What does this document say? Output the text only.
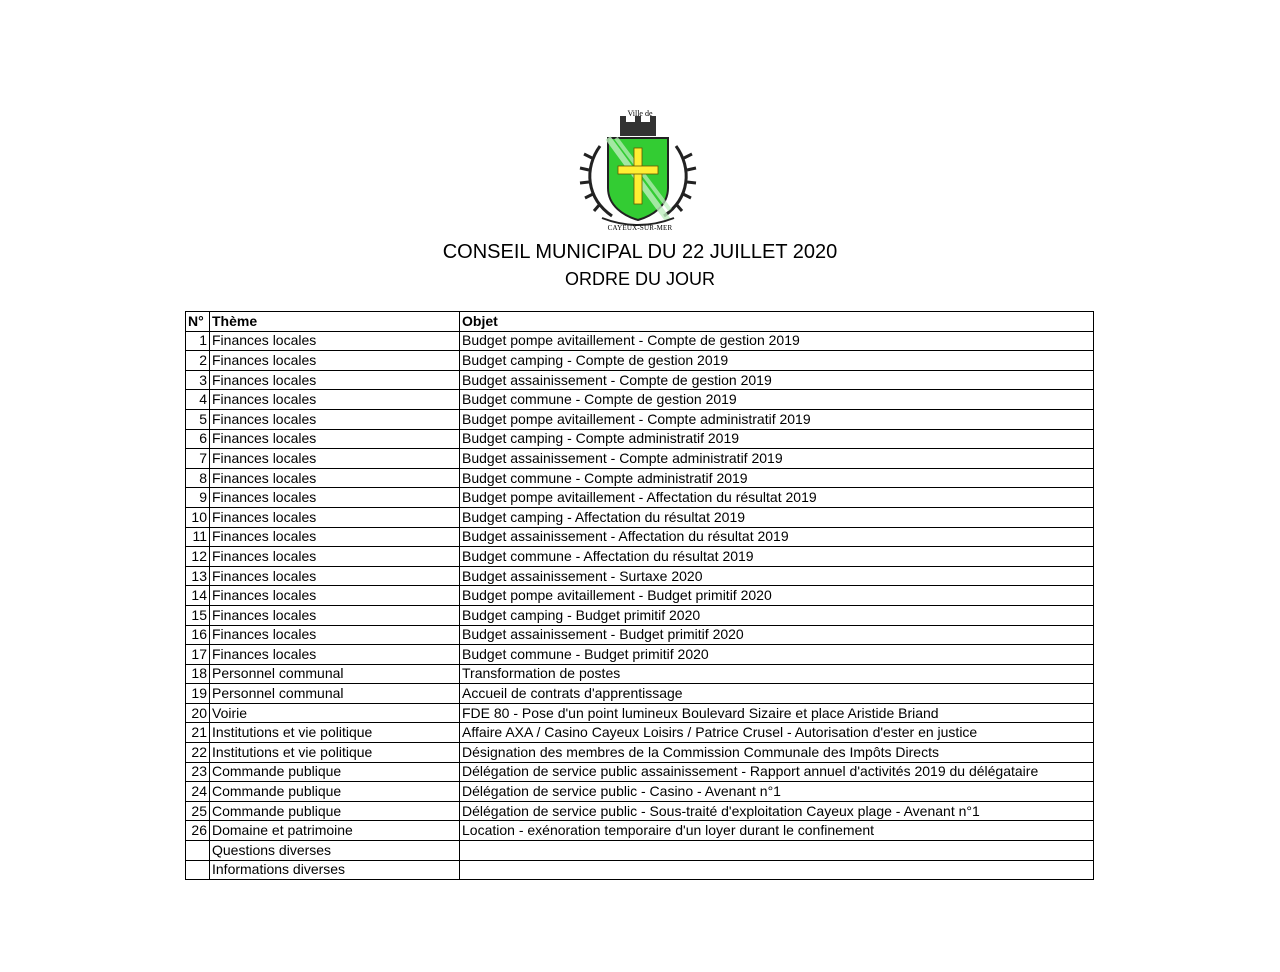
Ville de
CAYEUX-SUR-MER
CONSEIL MUNICIPAL DU 22 JUILLET 2020
ORDRE DU JOUR
N°	Thème	Objet
1	Finances locales	Budget pompe avitaillement - Compte de gestion 2019
2	Finances locales	Budget camping - Compte de gestion 2019
3	Finances locales	Budget assainissement - Compte de gestion 2019
4	Finances locales	Budget commune - Compte de gestion 2019
5	Finances locales	Budget pompe avitaillement - Compte administratif 2019
6	Finances locales	Budget camping - Compte administratif 2019
7	Finances locales	Budget assainissement - Compte administratif 2019
8	Finances locales	Budget commune - Compte administratif 2019
9	Finances locales	Budget pompe avitaillement - Affectation du résultat 2019
10	Finances locales	Budget camping - Affectation du résultat 2019
11	Finances locales	Budget assainissement - Affectation du résultat 2019
12	Finances locales	Budget commune - Affectation du résultat 2019
13	Finances locales	Budget assainissement - Surtaxe 2020
14	Finances locales	Budget pompe avitaillement - Budget primitif 2020
15	Finances locales	Budget camping - Budget primitif 2020
16	Finances locales	Budget assainissement - Budget primitif 2020
17	Finances locales	Budget commune - Budget primitif 2020
18	Personnel communal	Transformation de postes
19	Personnel communal	Accueil de contrats d'apprentissage
20	Voirie	FDE 80 - Pose d'un point lumineux Boulevard Sizaire et place Aristide Briand
21	Institutions et vie politique	Affaire AXA / Casino Cayeux Loisirs / Patrice Crusel - Autorisation d'ester en justice
22	Institutions et vie politique	Désignation des membres de la Commission Communale des Impôts Directs
23	Commande publique	Délégation de service public assainissement - Rapport annuel d'activités 2019 du délégataire
24	Commande publique	Délégation de service public - Casino - Avenant n°1
25	Commande publique	Délégation de service public - Sous-traité d'exploitation Cayeux plage - Avenant n°1
26	Domaine et patrimoine	Location - exénoration temporaire d'un loyer durant le confinement
	Questions diverses	
	Informations diverses	
